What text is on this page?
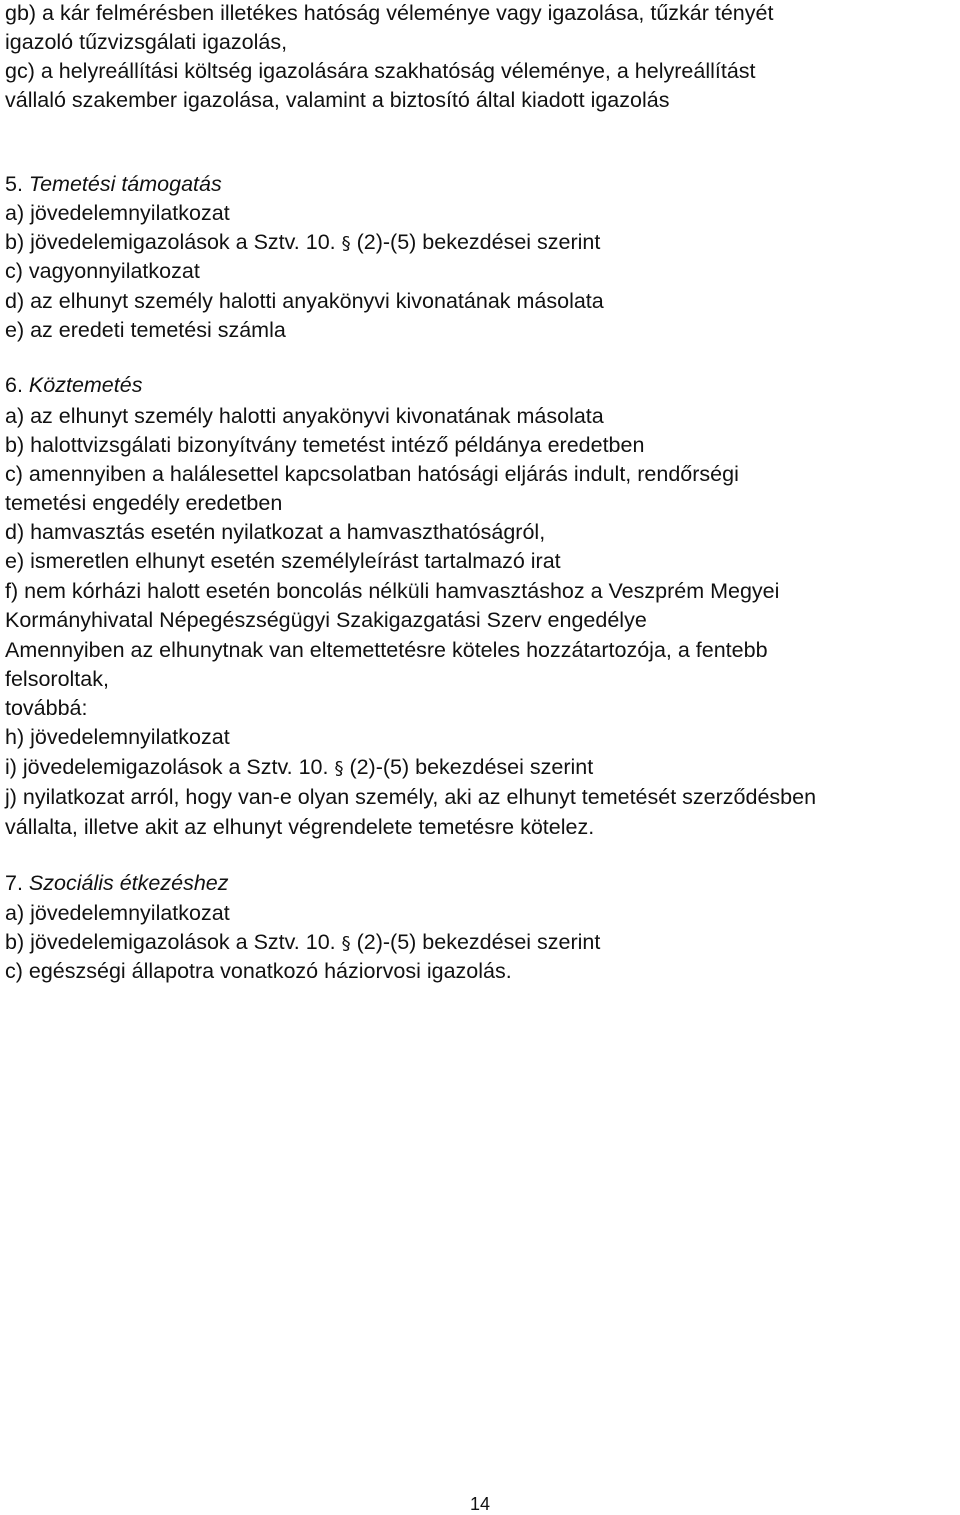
gb) a kár felmérésben illetékes hatóság véleménye vagy igazolása, tűzkár tényét
igazoló tűzvizsgálati igazolás,
gc) a helyreállítási költség igazolására szakhatóság véleménye, a helyreállítást
vállaló szakember igazolása, valamint a biztosító által kiadott igazolás
5. Temetési támogatás
a) jövedelemnyilatkozat
b) jövedelemigazolások a Sztv. 10. § (2)-(5) bekezdései szerint
c) vagyonnyilatkozat
d) az elhunyt személy halotti anyakönyvi kivonatának másolata
e) az eredeti temetési számla
6. Köztemetés
a) az elhunyt személy halotti anyakönyvi kivonatának másolata
b) halottvizsgálati bizonyítvány temetést intéző példánya eredetben
c) amennyiben a halálesettel kapcsolatban hatósági eljárás indult, rendőrségi
temetési engedély eredetben
d) hamvasztás esetén nyilatkozat a hamvaszthatóságról,
e) ismeretlen elhunyt esetén személyleírást tartalmazó irat
f) nem kórházi halott esetén boncolás nélküli hamvasztáshoz a Veszprém Megyei
Kormányhivatal Népegészségügyi Szakigazgatási Szerv engedélye
Amennyiben az elhunytnak van eltemettetésre köteles hozzátartozója, a fentebb
felsoroltak,
továbbá:
h) jövedelemnyilatkozat
i) jövedelemigazolások a Sztv. 10. § (2)-(5) bekezdései szerint
j) nyilatkozat arról, hogy van-e olyan személy, aki az elhunyt temetését szerződésben
vállalta, illetve akit az elhunyt végrendelete temetésre kötelez.
7. Szociális étkezéshez
a) jövedelemnyilatkozat
b) jövedelemigazolások a Sztv. 10. § (2)-(5) bekezdései szerint
c) egészségi állapotra vonatkozó háziorvosi igazolás.
14
